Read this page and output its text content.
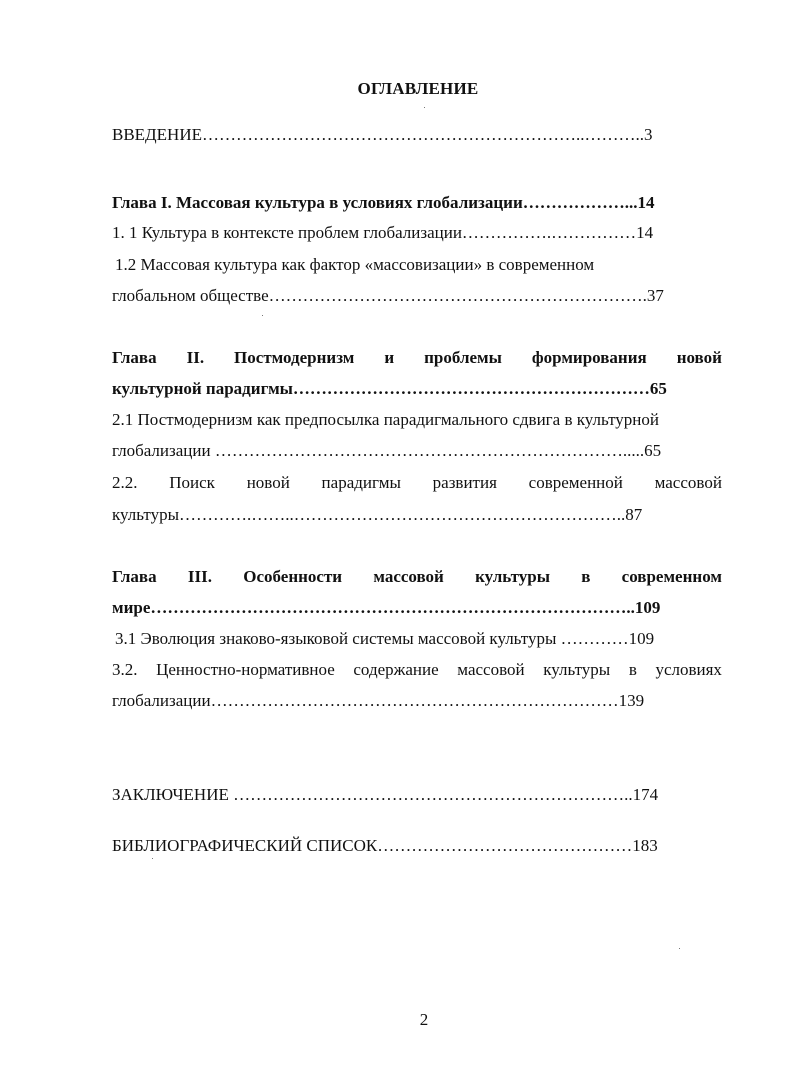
ОГЛАВЛЕНИЕ
ВВЕДЕНИЕ…………………………………………………………..………..3
Глава I. Массовая культура в условиях глобализации………………...14
1. 1 Культура в контексте проблем глобализации…………….……………14
1.2 Массовая культура как фактор «массовизации» в современном
глобальном обществе………………………………………………………….37
Глава II. Постмодернизм и проблемы формирования новой
культурной парадигмы………………………………………………………65
2.1 Постмодернизм как предпосылка парадигмального сдвига в культурной
глобализации ……………………………………………………………….....65
2.2. Поиск новой парадигмы развития современной массовой
культуры………….……..…………………………………………………..87
Глава III. Особенности массовой культуры в современном
мире…………………………………………………………………………..109
3.1 Эволюция знаково-языковой системы массовой культуры …………109
3.2. Ценностно-нормативное содержание массовой культуры в условиях
глобализации………………………………………………………………139
ЗАКЛЮЧЕНИЕ ……………………………………………………………..174
БИБЛИОГРАФИЧЕСКИЙ СПИСОК………………………………………183
2
